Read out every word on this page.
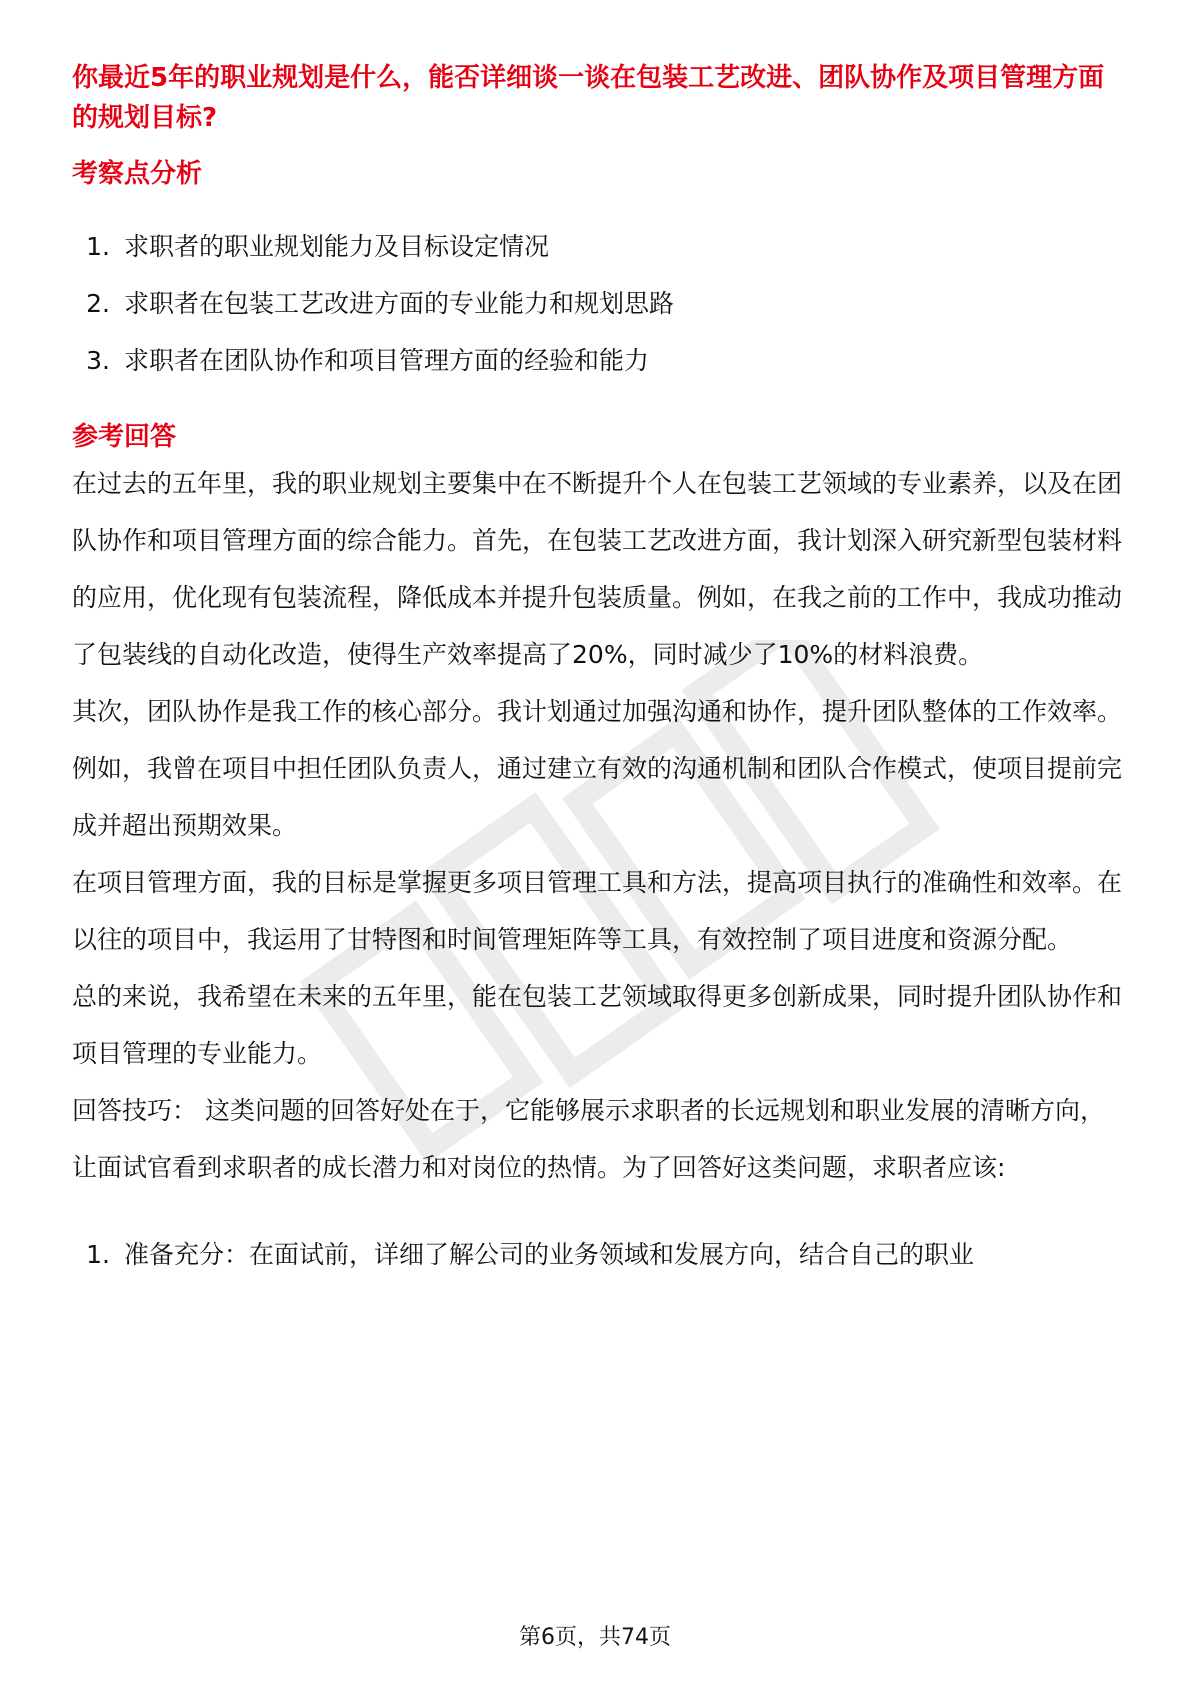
你最近5年的职业规划是什么，能否详细谈一谈在包装工艺改进、团队协作及项目管理方面的规划目标?
考察点分析
1. 求职者的职业规划能力及目标设定情况
2. 求职者在包装工艺改进方面的专业能力和规划思路
3. 求职者在团队协作和项目管理方面的经验和能力
参考回答

在过去的五年里，我的职业规划主要集中在不断提升个人在包装工艺领域的专业素养，以及在团队协作和项目管理方面的综合能力。首先，在包装工艺改进方面，我计划深入研究新型包装材料的应用，优化现有包装流程，降低成本并提升包装质量。例如，在我之前的工作中，我成功推动了包装线的自动化改造，使得生产效率提高了20%，同时减少了10%的材料浪费。

其次，团队协作是我工作的核心部分。我计划通过加强沟通和协作，提升团队整体的工作效率。例如，我曾在项目中担任团队负责人，通过建立有效的沟通机制和团队合作模式，使项目提前完成并超出预期效果。

在项目管理方面，我的目标是掌握更多项目管理工具和方法，提高项目执行的准确性和效率。在以往的项目中，我运用了甘特图和时间管理矩阵等工具，有效控制了项目进度和资源分配。

总的来说，我希望在未来的五年里，能在包装工艺领域取得更多创新成果，同时提升团队协作和项目管理的专业能力。

回答技巧： 这类问题的回答好处在于，它能够展示求职者的长远规划和职业发展的清晰方向，让面试官看到求职者的成长潜力和对岗位的热情。为了回答好这类问题，求职者应该:

1. 准备充分：在面试前，详细了解公司的业务领域和发展方向，结合自己的职业
第6页，共74页
